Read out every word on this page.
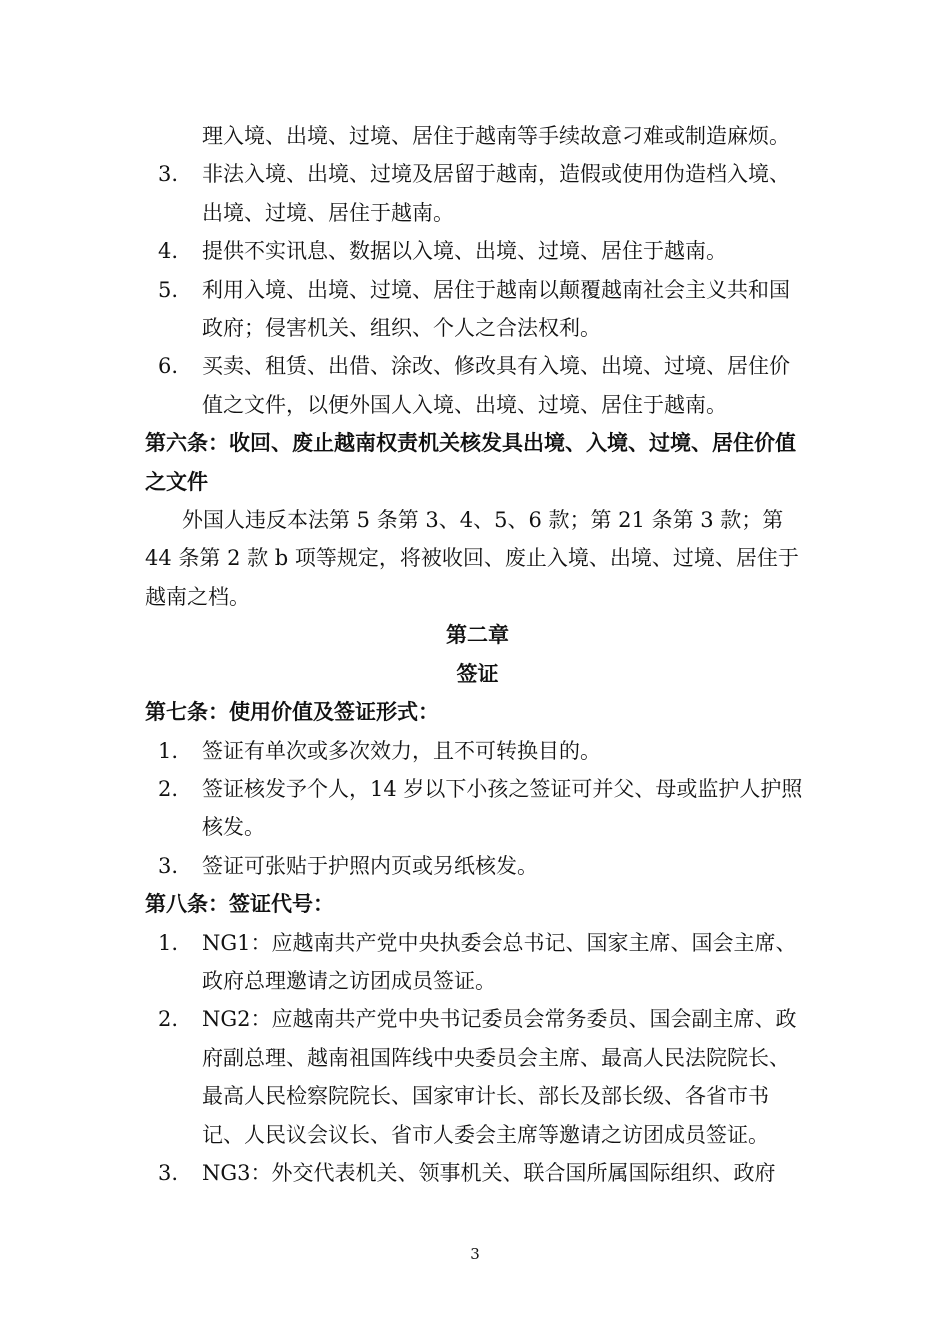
理入境、出境、过境、居住于越南等手续故意刁难或制造麻烦。

3.	非法入境、出境、过境及居留于越南，造假或使用伪造档入境、出境、过境、居住于越南。
4.	提供不实讯息、数据以入境、出境、过境、居住于越南。
5.	利用入境、出境、过境、居住于越南以颠覆越南社会主义共和国政府；侵害机关、组织、个人之合法权利。
6.	买卖、租赁、出借、涂改、修改具有入境、出境、过境、居住价值之文件，以便外国人入境、出境、过境、居住于越南。

第六条：收回、废止越南权责机关核发具出境、入境、过境、居住价值之文件

外国人违反本法第 5 条第 3、4、5、6 款；第 21 条第 3 款；第 44 条第 2 款 b 项等规定，将被收回、废止入境、出境、过境、居住于越南之档。

第二章

签证

第七条：使用价值及签证形式：

1.	签证有单次或多次效力，且不可转换目的。
2.	签证核发予个人，14 岁以下小孩之签证可并父、母或监护人护照核发。
3.	签证可张贴于护照内页或另纸核发。

第八条：签证代号：

1.	NG1：应越南共产党中央执委会总书记、国家主席、国会主席、政府总理邀请之访团成员签证。
2.	NG2：应越南共产党中央书记委员会常务委员、国会副主席、政府副总理、越南祖国阵线中央委员会主席、最高人民法院院长、最高人民检察院院长、国家审计长、部长及部长级、各省市书记、人民议会议长、省市人委会主席等邀请之访团成员签证。
3.	NG3：外交代表机关、领事机关、联合国所属国际组织、政府
3
